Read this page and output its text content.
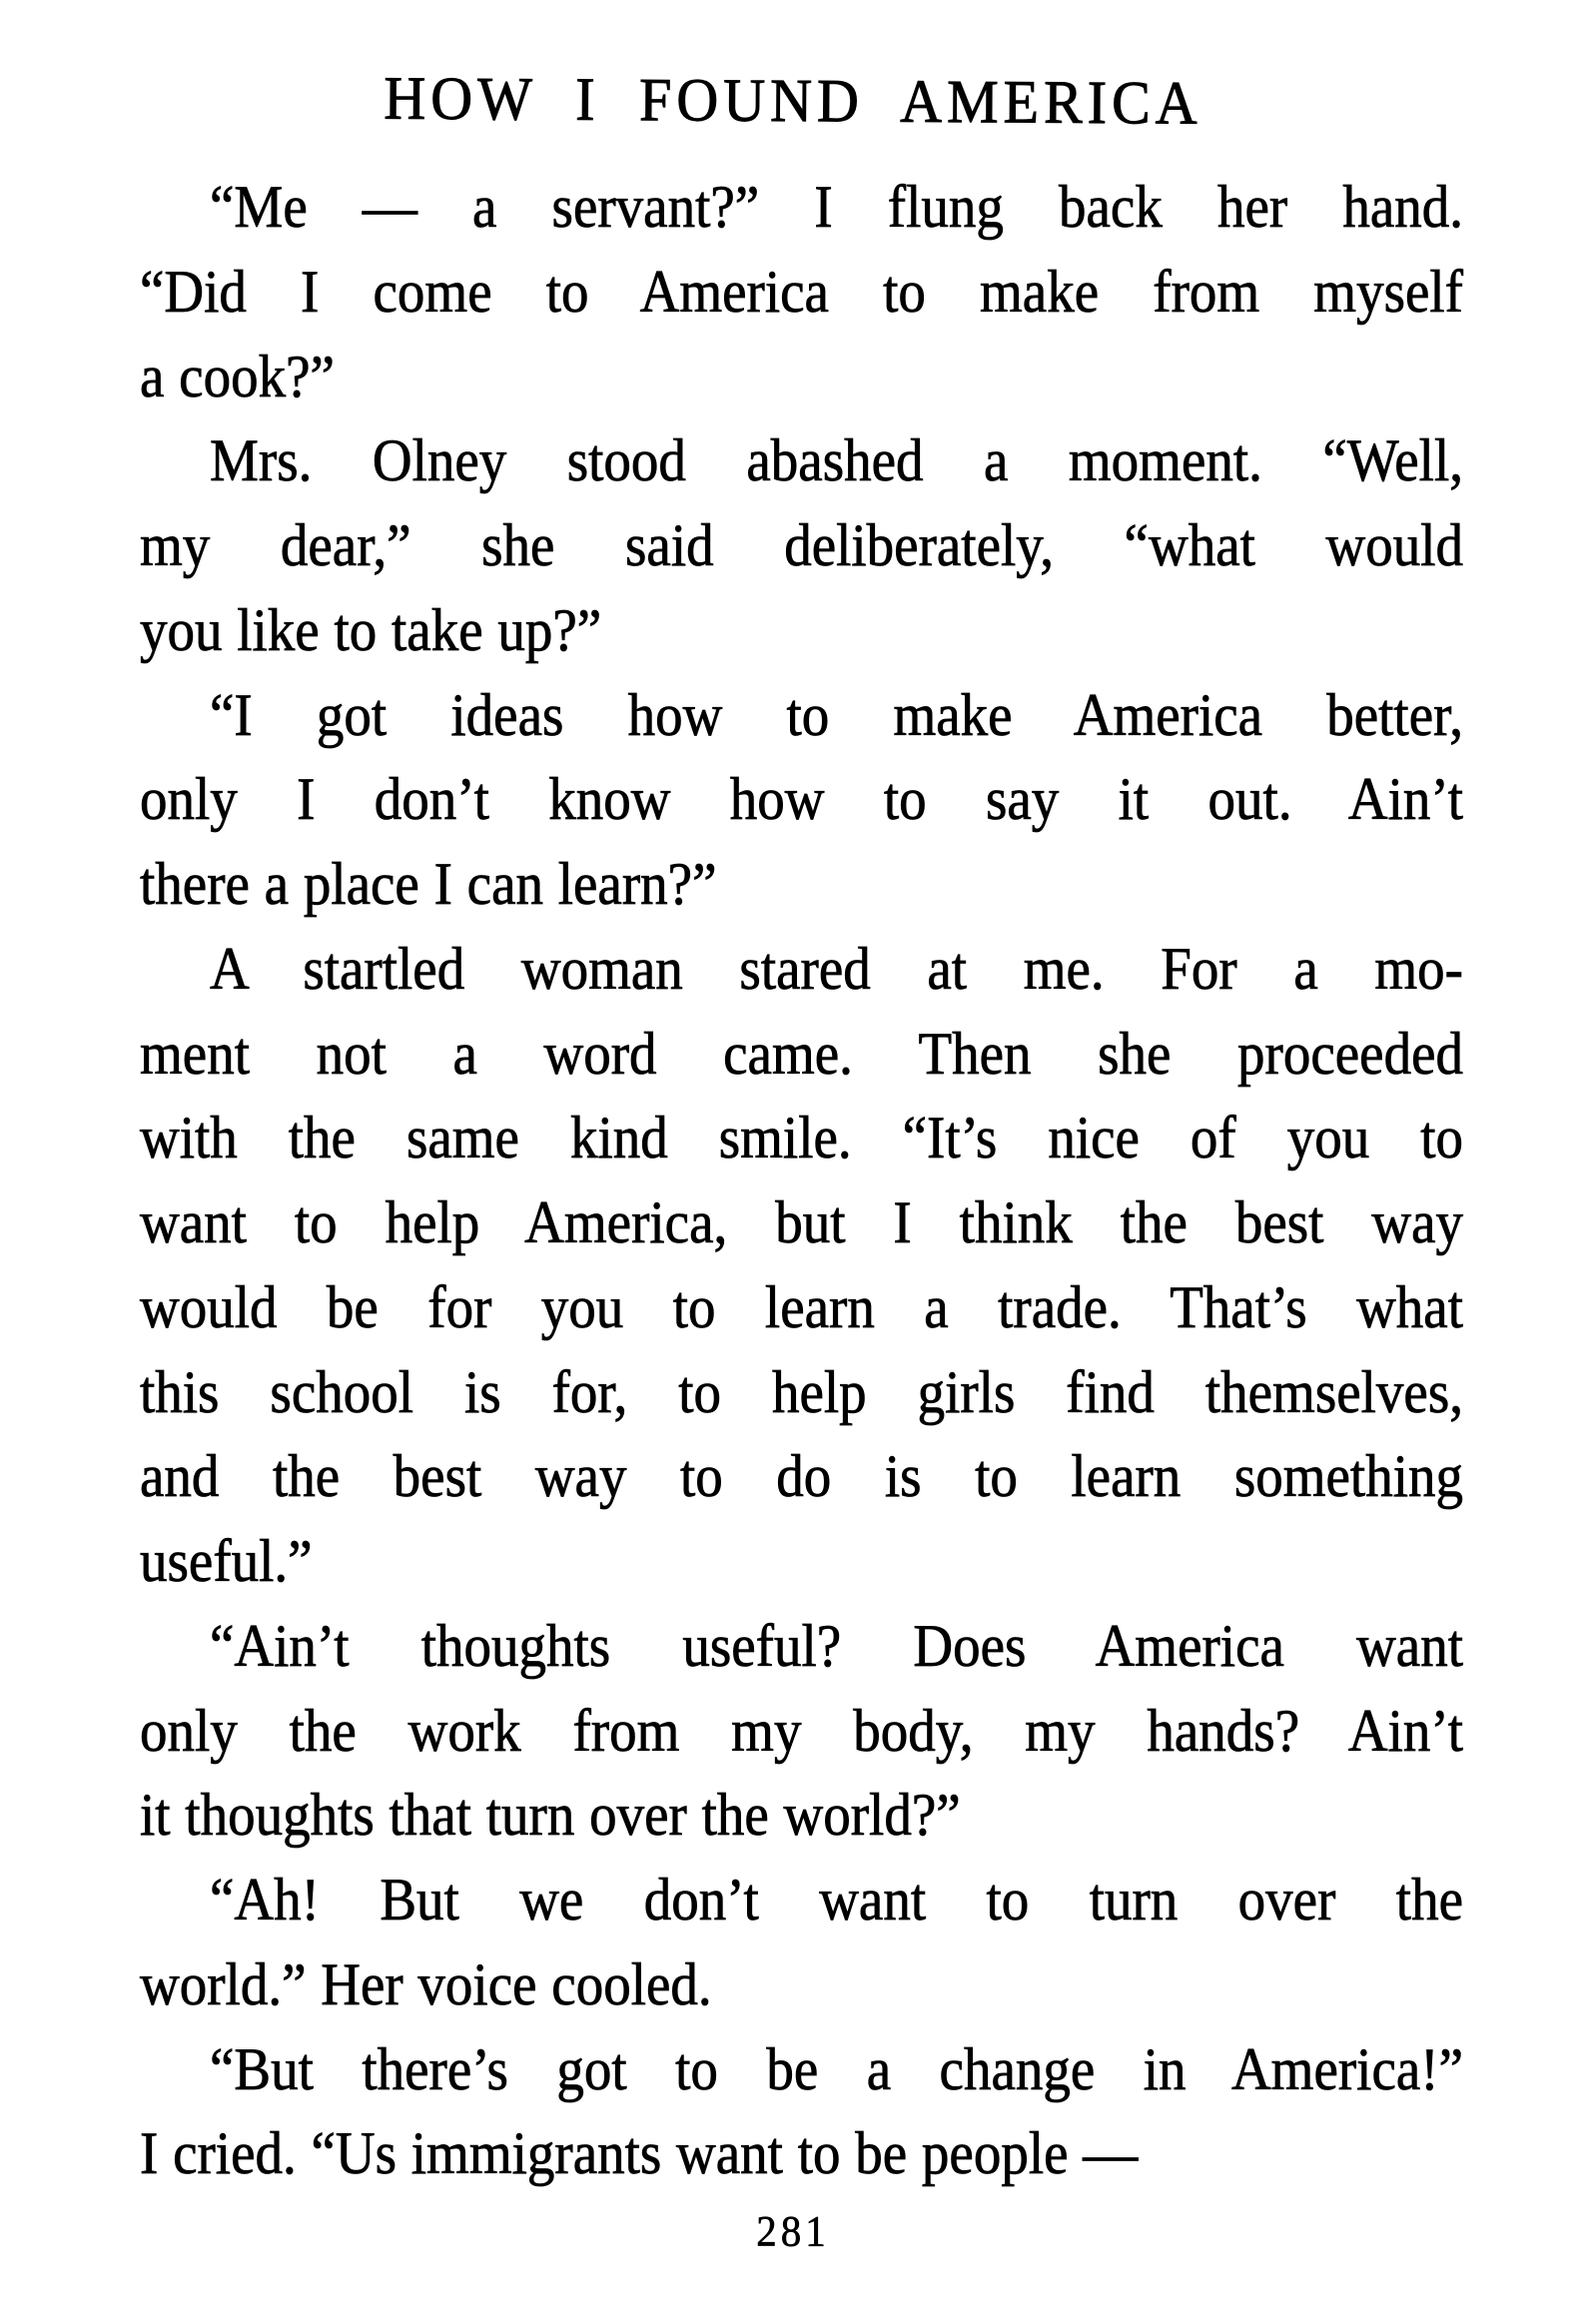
HOW I FOUND AMERICA
“Me — a servant?” I flung back her hand.
“Did I come to America to make from myself
a cook?”
Mrs. Olney stood abashed a moment. “Well,
my dear,” she said deliberately, “what would
you like to take up?”
“I got ideas how to make America better,
only I don’t know how to say it out. Ain’t
there a place I can learn?”
A startled woman stared at me. For a mo-
ment not a word came. Then she proceeded
with the same kind smile. “It’s nice of you to
want to help America, but I think the best way
would be for you to learn a trade. That’s what
this school is for, to help girls find themselves,
and the best way to do is to learn something
useful.”
“Ain’t thoughts useful? Does America want
only the work from my body, my hands? Ain’t
it thoughts that turn over the world?”
“Ah! But we don’t want to turn over the
world.” Her voice cooled.
“But there’s got to be a change in America!”
I cried. “Us immigrants want to be people —
281
